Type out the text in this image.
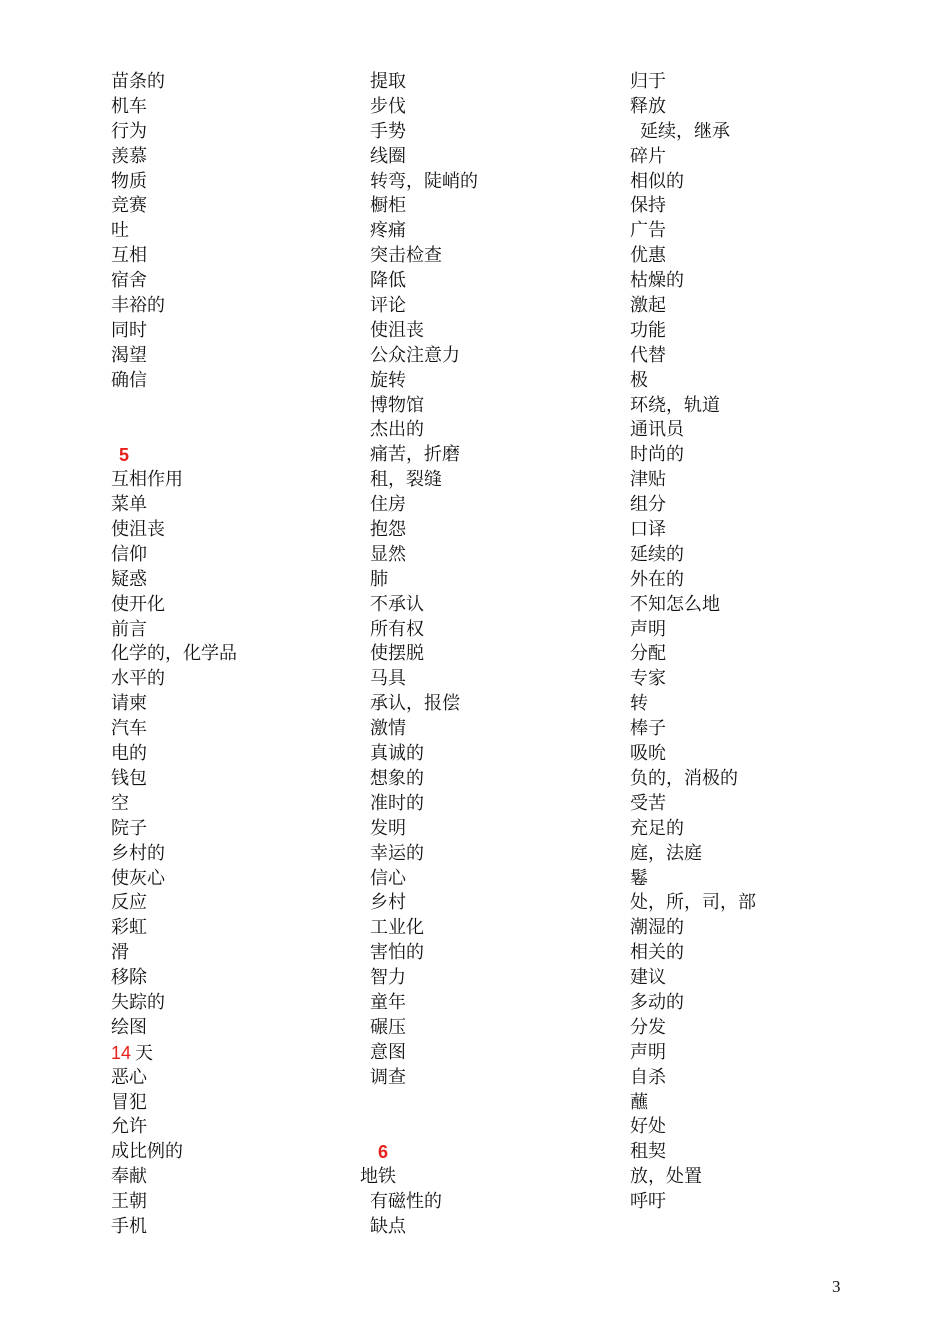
苗条的
机车
行为
羡慕
物质
竞赛
吐
互相
宿舍
丰裕的
同时
渴望
确信
5
互相作用
菜单
使沮丧
信仰
疑惑
使开化
前言
化学的，化学品
水平的
请柬
汽车
电的
钱包
空
院子
乡村的
使灰心
反应
彩虹
滑
移除
失踪的
绘图
14 天
恶心
冒犯
允许
成比例的
奉献
王朝
手机
提取
步伐
手势
线圈
转弯，陡峭的
橱柜
疼痛
突击检查
降低
评论
使沮丧
公众注意力
旋转
博物馆
杰出的
痛苦，折磨
租，裂缝
住房
抱怨
显然
肺
不承认
所有权
使摆脱
马具
承认，报偿
激情
真诚的
想象的
准时的
发明
幸运的
信心
乡村
工业化
害怕的
智力
童年
碾压
意图
调查
6
地铁
有磁性的
缺点
归于
释放
延续，继承
碎片
相似的
保持
广告
优惠
枯燥的
激起
功能
代替
极
环绕，轨道
通讯员
时尚的
津贴
组分
口译
延续的
外在的
不知怎么地
声明
分配
专家
转
棒子
吸吮
负的，消极的
受苦
充足的
庭，法庭
鬈
处，所，司，部
潮湿的
相关的
建议
多动的
分发
声明
自杀
蘸
好处
租契
放，处置
呼吁
3
